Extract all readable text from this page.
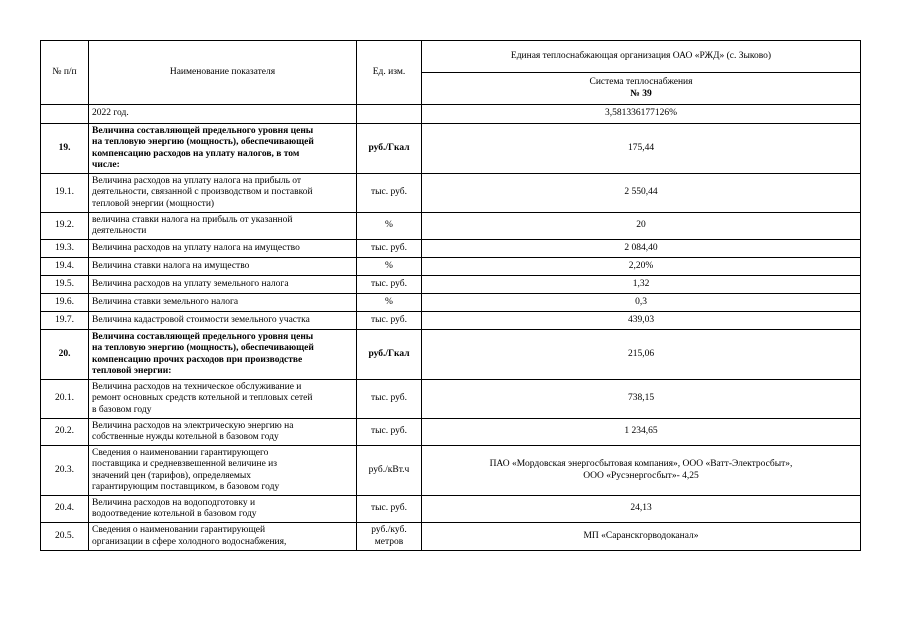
№ п/п	Наименование показателя	Ед. изм.	Единая теплоснабжающая организация ОАО «РЖД» (с. Зыково)

			Система теплоснабжения
№ 39

	2022 год.		3,581336177126%
19.	Величина составляющей предельного уровня цены
на тепловую энергию (мощность), обеспечивающей
компенсацию расходов на уплату налогов, в том
числе:	руб./Гкал	175,44
19.1.	Величина расходов на уплату налога на прибыль от
деятельности, связанной с производством и поставкой
тепловой энергии (мощности)	тыс. руб.	2 550,44
19.2.	величина ставки налога на прибыль от указанной
деятельности	%	20
19.3.	Величина расходов на уплату налога на имущество	тыс. руб.	2 084,40
19.4.	Величина ставки налога на имущество	%	2,20%
19.5.	Величина расходов на уплату земельного налога	тыс. руб.	1,32
19.6.	Величина ставки земельного налога	%	0,3
19.7.	Величина кадастровой стоимости земельного участка	тыс. руб.	439,03
20.	Величина составляющей предельного уровня цены
на тепловую энергию (мощность), обеспечивающей
компенсацию прочих расходов при производстве
тепловой энергии:	руб./Гкал	215,06
20.1.	Величина расходов на техническое обслуживание и
ремонт основных средств котельной и тепловых сетей
в базовом году	тыс. руб.	738,15
20.2.	Величина расходов на электрическую энергию на
собственные нужды котельной в базовом году	тыс. руб.	1 234,65
20.3.	Сведения о наименовании гарантирующего
поставщика и средневзвешенной величине из
значений цен (тарифов), определяемых
гарантирующим поставщиком, в базовом году	руб./кВт.ч	ПАО «Мордовская энергосбытовая компания», ООО «Ватт-Электросбыт»,
ООО «Русэнергосбыт»- 4,25
20.4.	Величина расходов на водоподготовку и
водоотведение котельной в базовом году	тыс. руб.	24,13
20.5.	Сведения о наименовании гарантирующей
организации в сфере холодного водоснабжения,	руб./куб.
метров	МП «Саранскгорводоканал»
